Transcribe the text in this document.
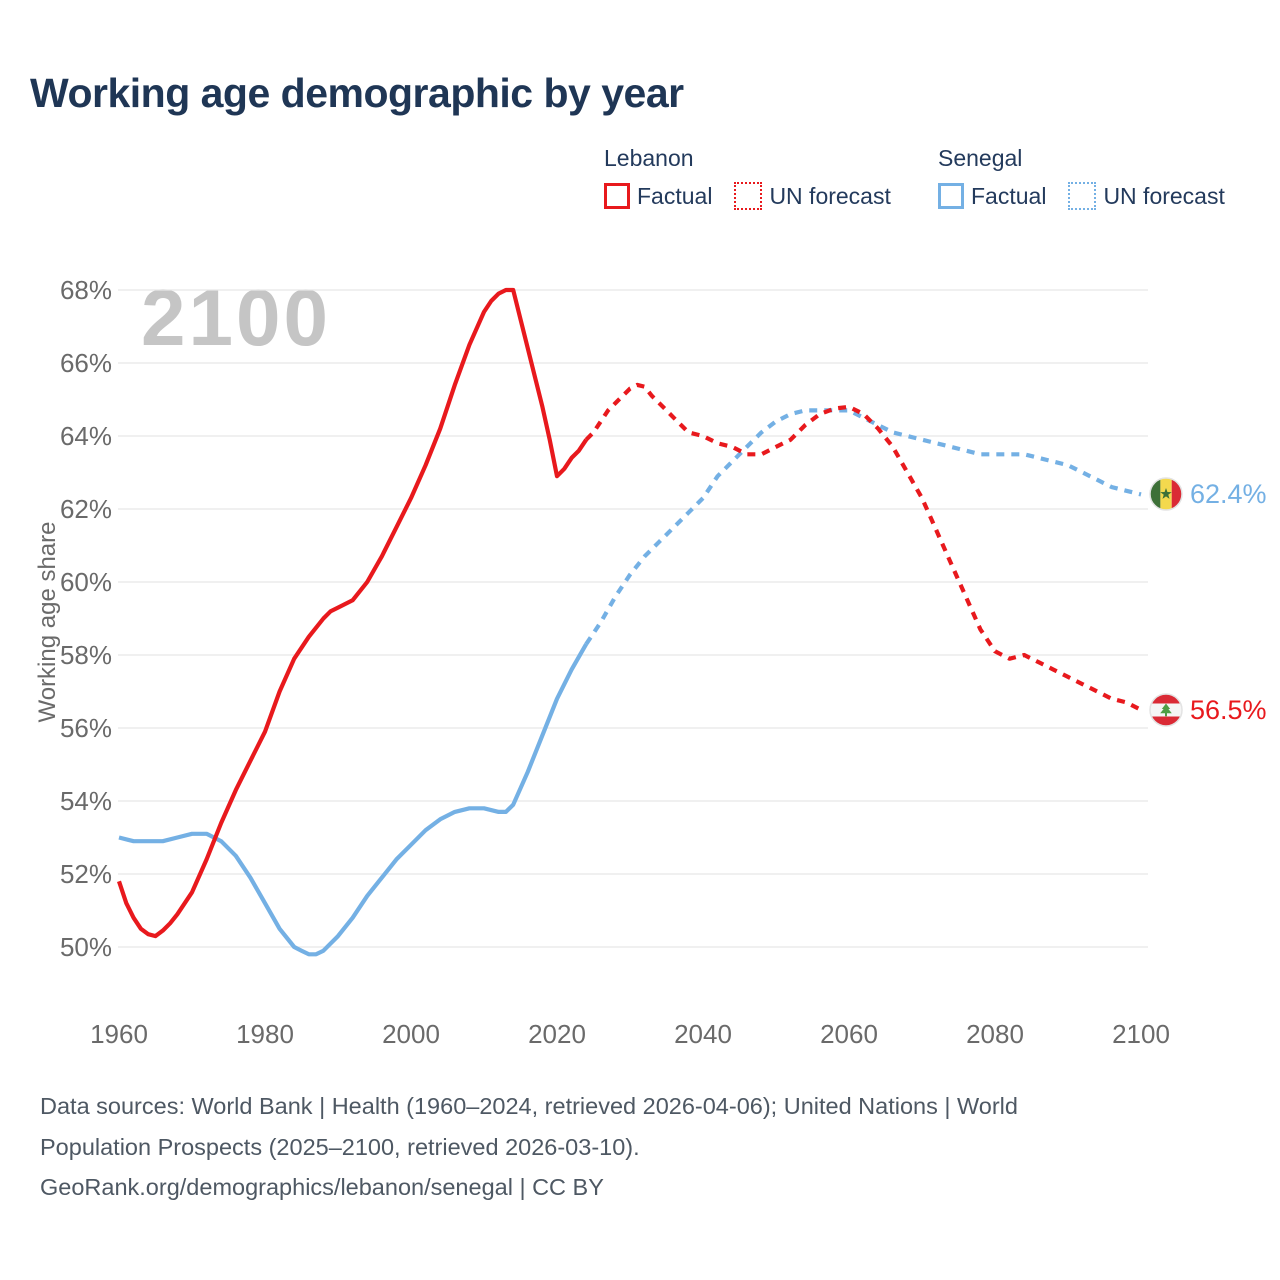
Working age demographic by year
Lebanon
Factual UN forecast
Senegal
Factual UN forecast
2100
50%
52%
54%
56%
58%
60%
62%
64%
66%
68%
1960	1980	2000	2020	2040	2060	2080	2100
Working age share
62.4%
56.5%
Data sources: World Bank | Health (1960–2024, retrieved 2026-04-06); United Nations | World
Population Prospects (2025–2100, retrieved 2026-03-10).
GeoRank.org/demographics/lebanon/senegal | CC BY
